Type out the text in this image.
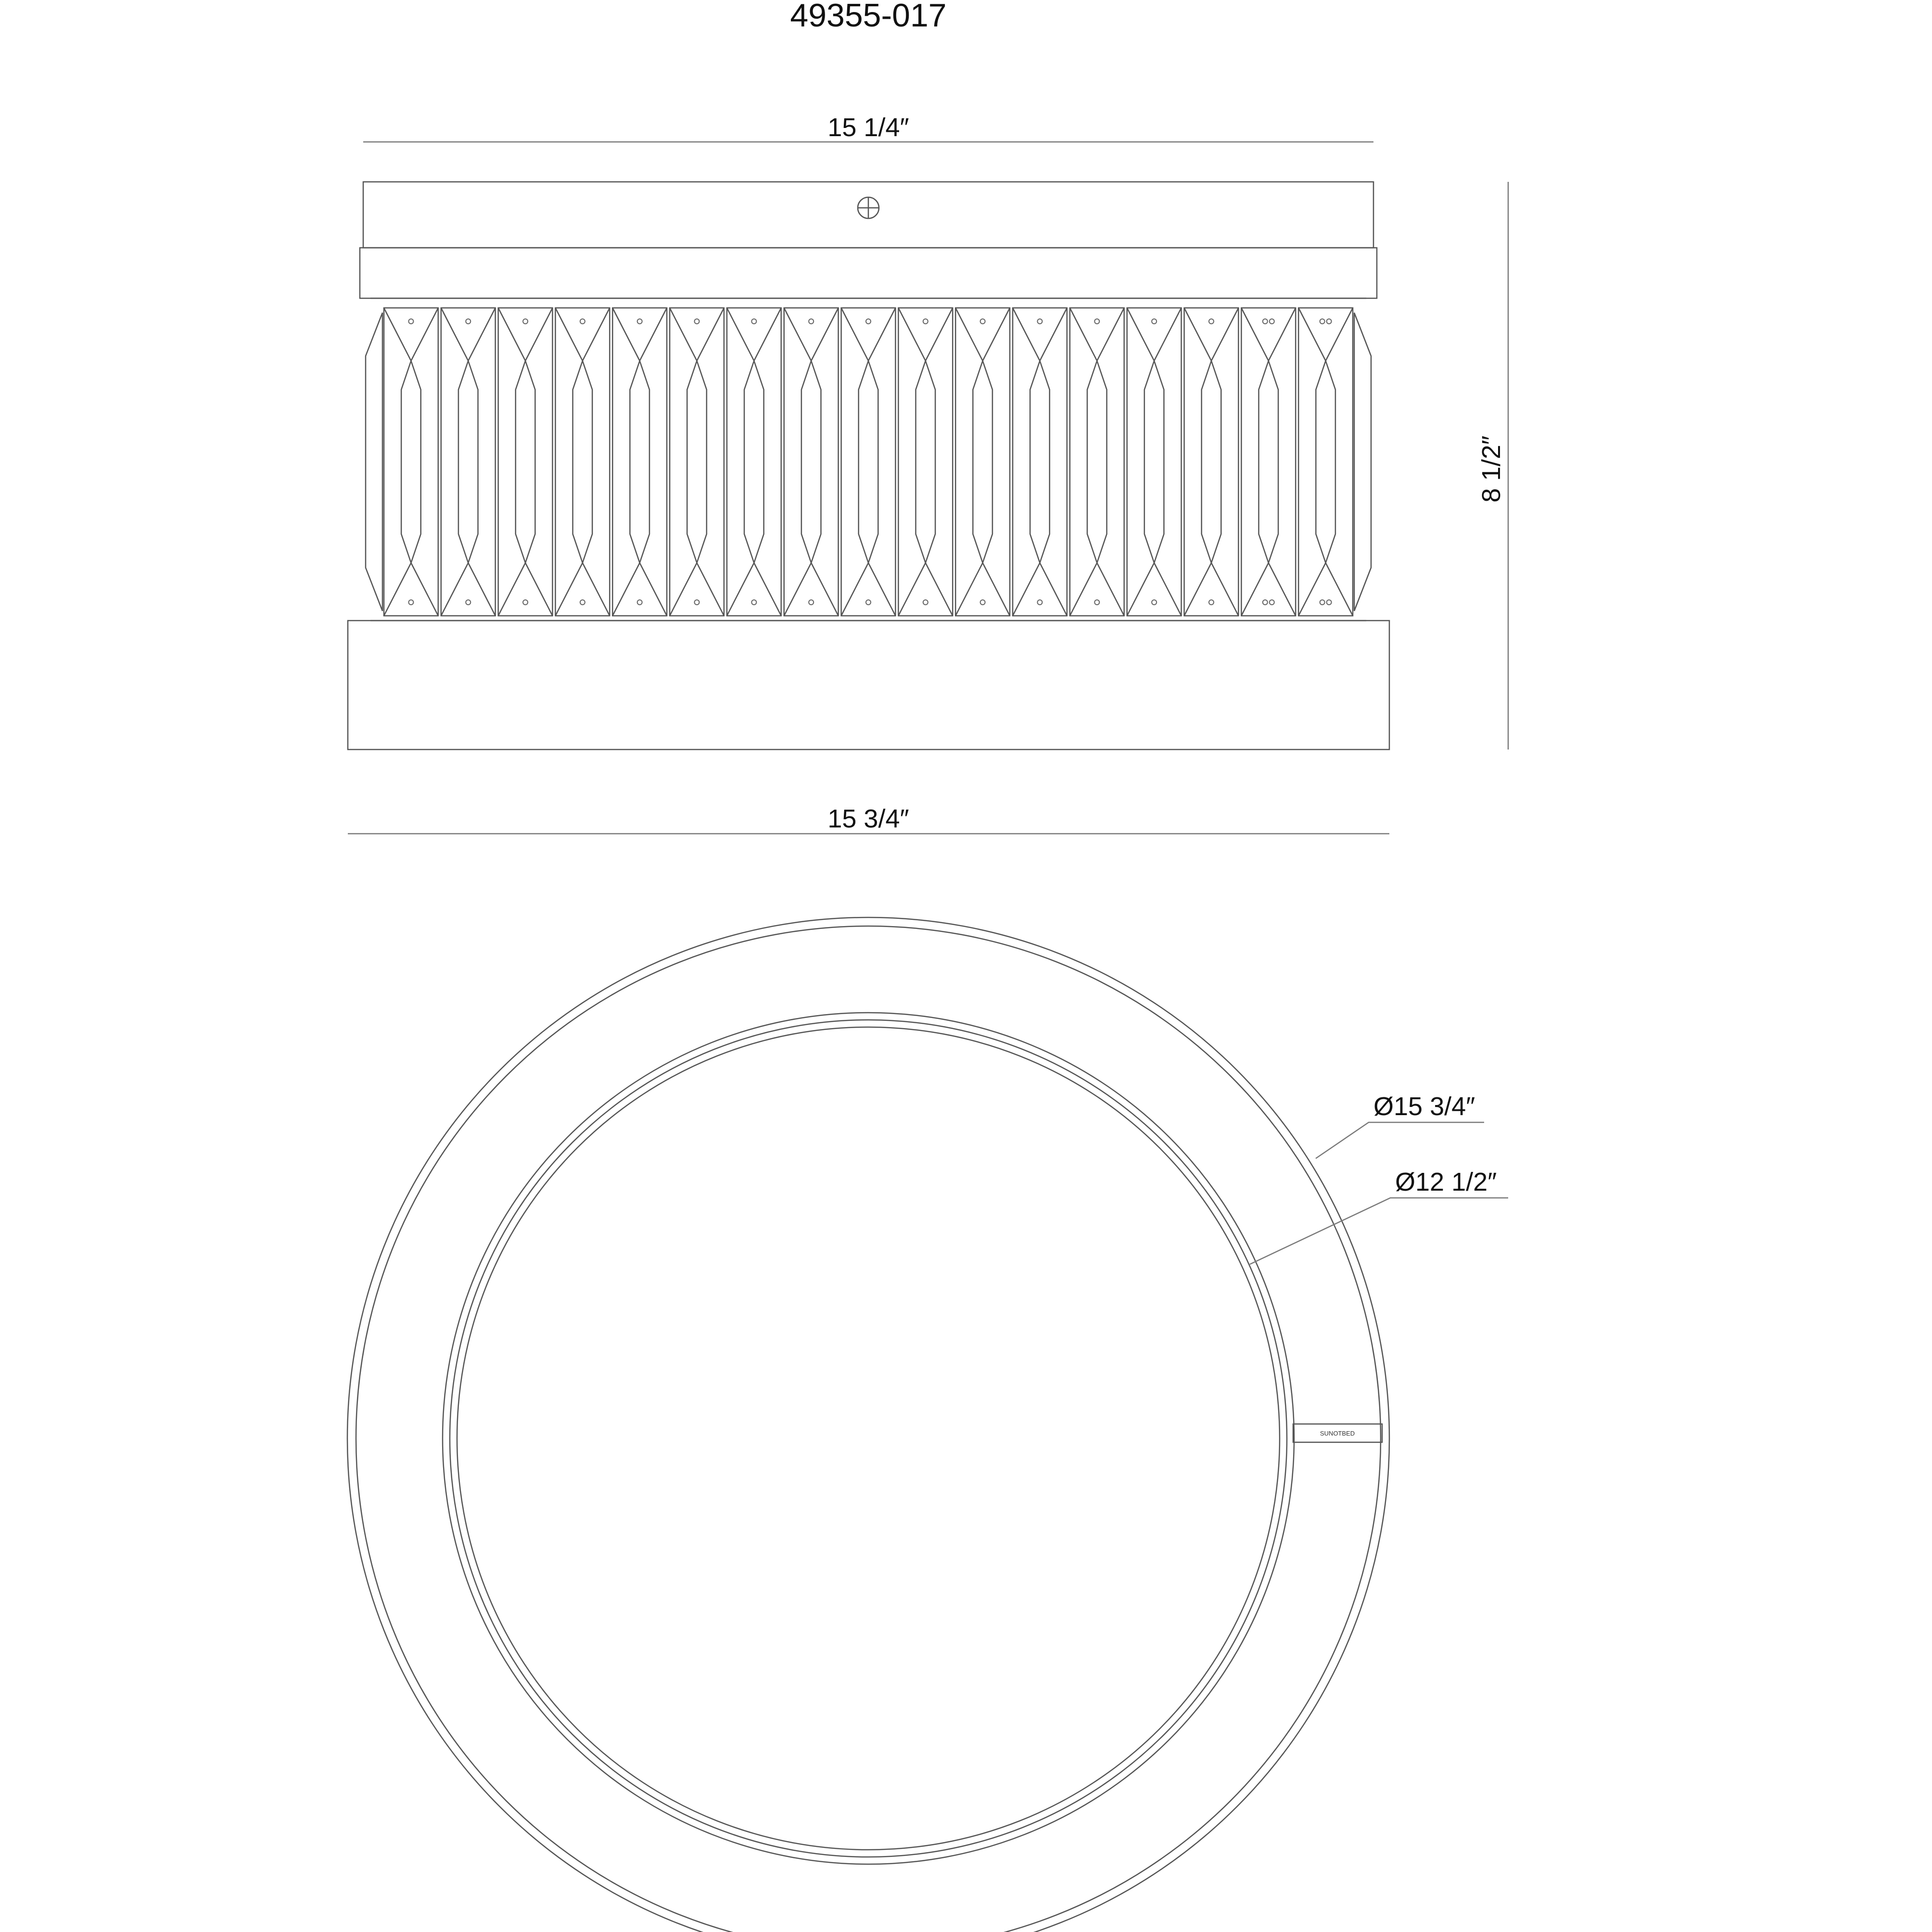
49355-017
15 1/4″
8 1/2″
15 3/4″
SUNOTBED
Ø15 3/4″
Ø12 1/2″
